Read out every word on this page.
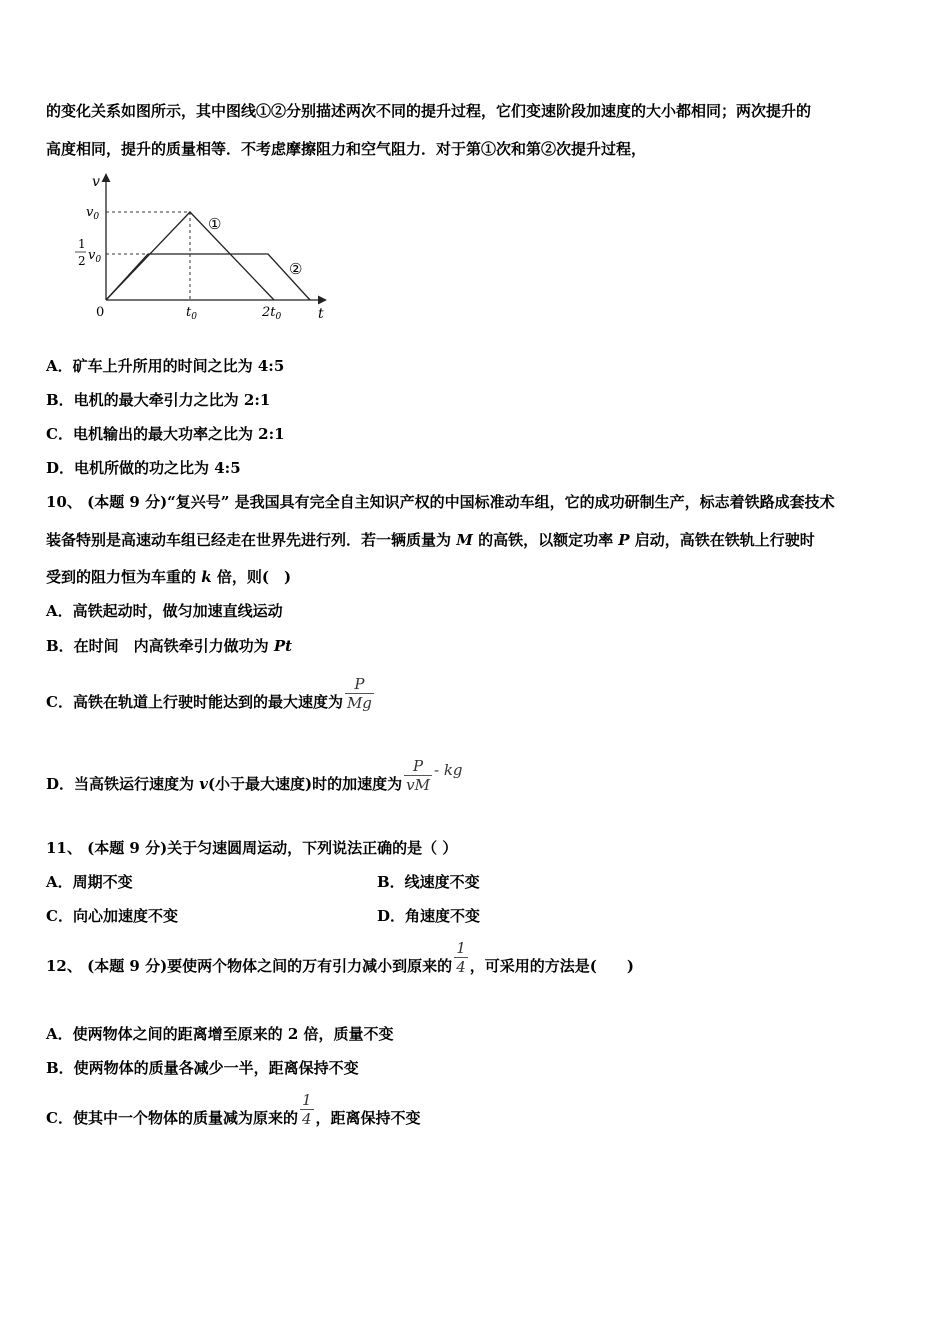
的变化关系如图所示，其中图线①②分别描述两次不同的提升过程，它们变速阶段加速度的大小都相同；两次提升的
高度相同，提升的质量相等．不考虑摩擦阻力和空气阻力．对于第①次和第②次提升过程，
v
t
0
$v_0$
1
2 $v_0$
$t_0$	$2t_0$
①
②
A．矿车上升所用的时间之比为 4:5
B．电机的最大牵引力之比为 2:1
C．电机输出的最大功率之比为 2:1
D．电机所做的功之比为 4:5
10、 (本题 9 分)“复兴号” 是我国具有完全自主知识产权的中国标准动车组，它的成功研制生产，标志着铁路成套技术
装备特别是高速动车组已经走在世界先进行列．若一辆质量为 M 的高铁，以额定功率 P 启动，高铁在铁轨上行驶时
受到的阻力恒为车重的 k 倍，则(　)
A．高铁起动时，做匀加速直线运动
B．在时间　内高铁牵引力做功为 Pt
C．高铁在轨道上行驶时能达到的最大速度为 $\frac{P}{Mg}$
D．当高铁运行速度为 v(小于最大速度)时的加速度为 $\frac{P}{vM}$ - kg
11、 (本题 9 分)关于匀速圆周运动，下列说法正确的是（ ）
A．周期不变	B．线速度不变
C．向心加速度不变	D．角速度不变
12、 (本题 9 分)要使两个物体之间的万有引力减小到原来的 $\frac{1}{4}$ ，可采用的方法是(　　)
A．使两物体之间的距离增至原来的 2 倍，质量不变
B．使两物体的质量各减少一半，距离保持不变
C．使其中一个物体的质量减为原来的 $\frac{1}{4}$ ，距离保持不变
